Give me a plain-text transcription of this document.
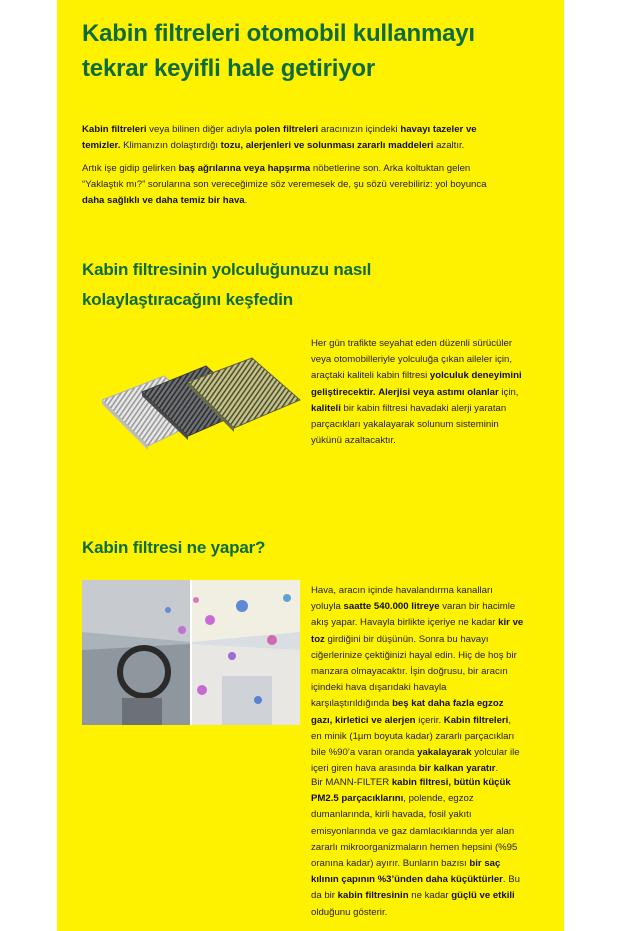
Kabin filtreleri otomobil kullanmayı
tekrar keyifli hale getiriyor
Kabin filtreleri veya bilinen diğer adıyla polen filtreleri aracınızın içindeki havayı tazeler ve
temizler. Klimanızın dolaştırdığı tozu, alerjenleri ve solunması zararlı maddeleri azaltır.
Artık işe gidip gelirken baş ağrılarına veya hapşırma nöbetlerine son. Arka koltuktan gelen
“Yaklaştık mı?” sorularına son vereceğimize söz veremesek de, şu sözü verebiliriz: yol boyunca
daha sağlıklı ve daha temiz bir hava.
Kabin filtresinin yolculuğunuzu nasıl
kolaylaştıracağını keşfedin
Her gün trafikte seyahat eden düzenli sürücüler
veya otomobilleriyle yolculuğa çıkan aileler için,
araçtaki kaliteli kabin filtresi yolculuk deneyimini
geliştirecektir. Alerjisi veya astımı olanlar için,
kaliteli bir kabin filtresi havadaki alerji yaratan
parçacıkları yakalayarak solunum sisteminin
yükünü azaltacaktır.
Kabin filtresi ne yapar?
Hava, aracın içinde havalandırma kanalları
yoluyla saatte 540.000 litreye varan bir hacimle
akış yapar. Havayla birlikte içeriye ne kadar kir ve
toz girdiğini bir düşünün. Sonra bu havayı
ciğerlerinize çektiğinizi hayal edin. Hiç de hoş bir
manzara olmayacaktır. İşin doğrusu, bir aracın
içindeki hava dışarıdaki havayla
karşılaştırıldığında beş kat daha fazla egzoz
gazı, kirletici ve alerjen içerir. Kabin filtreleri,
en minik (1µm boyuta kadar) zararlı parçacıkları
bile %90’a varan oranda yakalayarak yolcular ile
içeri giren hava arasında bir kalkan yaratır.
Bir MANN-FILTER kabin filtresi, bütün küçük
PM2.5 parçacıklarını, polende, egzoz
dumanlarında, kirli havada, fosil yakıtı
emisyonlarında ve gaz damlacıklarında yer alan
zararlı mikroorganizmaların hemen hepsini (%95
oranına kadar) ayırır. Bunların bazısı bir saç
kılının çapının %3’ünden daha küçüktürler. Bu
da bir kabin filtresinin ne kadar güçlü ve etkili
olduğunu gösterir.
